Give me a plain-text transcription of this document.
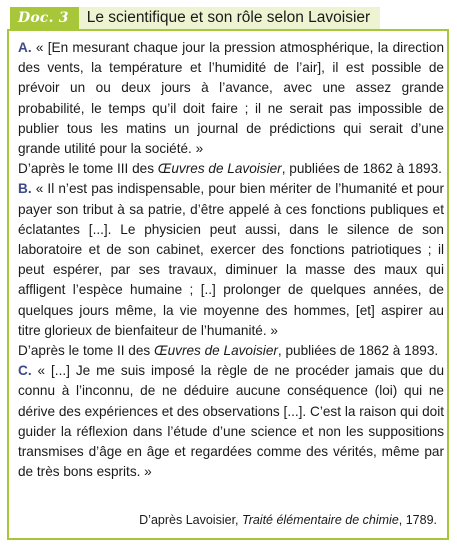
Doc. 3	Le scientifique et son rôle selon Lavoisier

A. « [En mesurant chaque jour la pression atmosphérique, la direction des vents, la température et l’humidité de l’air], il est possible de prévoir un ou deux jours à l’avance, avec une assez grande probabilité, le temps qu’il doit faire ; il ne serait pas impossible de publier tous les matins un journal de prédictions qui serait d’une grande utilité pour la société. »

D’après le tome III des Œuvres de Lavoisier, publiées de 1862 à 1893.

B. « Il n’est pas indispensable, pour bien mériter de l’humanité et pour payer son tribut à sa patrie, d’être appelé à ces fonctions publiques et éclatantes [...]. Le physicien peut aussi, dans le silence de son laboratoire et de son cabinet, exercer des fonctions patriotiques ; il peut espérer, par ses travaux, diminuer la masse des maux qui affligent l’espèce humaine ; [..] prolonger de quelques années, de quelques jours même, la vie moyenne des hommes, [et] aspirer au titre glorieux de bienfaiteur de l’humanité. »

D’après le tome II des Œuvres de Lavoisier, publiées de 1862 à 1893.

C. « [...] Je me suis imposé la règle de ne procéder jamais que du connu à l’inconnu, de ne déduire aucune conséquence (loi) qui ne dérive des expériences et des observations [...]. C’est la raison qui doit guider la réflexion dans l’étude d’une science et non les suppositions transmises d’âge en âge et regardées comme des vérités, même par de très bons esprits. »

D’après Lavoisier, Traité élémentaire de chimie, 1789.
